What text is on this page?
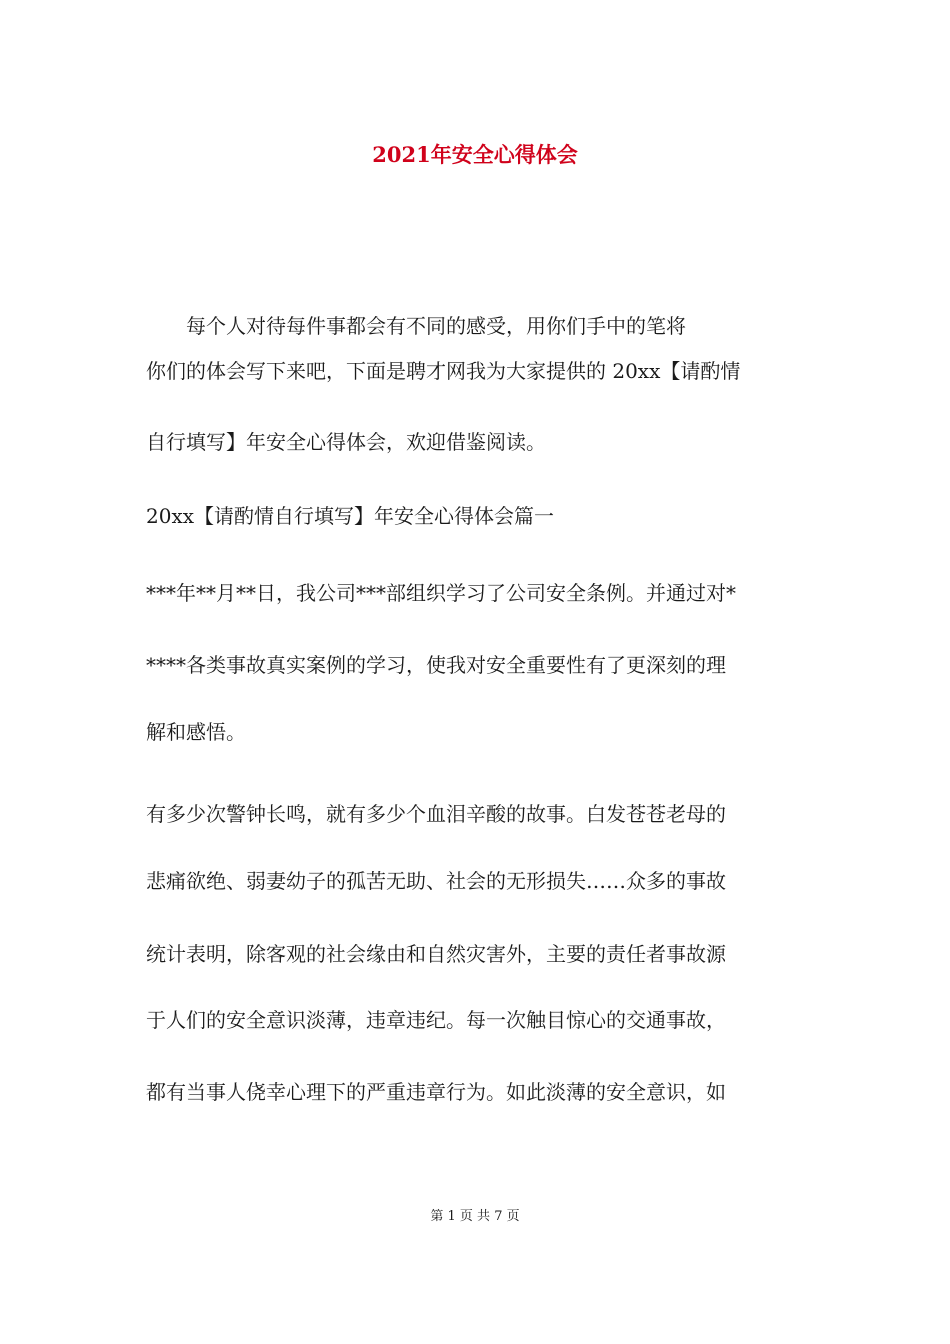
2021年安全心得体会
　　每个人对待每件事都会有不同的感受，用你们手中的笔将
你们的体会写下来吧，下面是聘才网我为大家提供的 20xx【请酌情
自行填写】年安全心得体会，欢迎借鉴阅读。
20xx【请酌情自行填写】年安全心得体会篇一
***年**月**日，我公司***部组织学习了公司安全条例。并通过对*
****各类事故真实案例的学习，使我对安全重要性有了更深刻的理
解和感悟。
有多少次警钟长鸣，就有多少个血泪辛酸的故事。白发苍苍老母的
悲痛欲绝、弱妻幼子的孤苦无助、社会的无形损失……众多的事故
统计表明，除客观的社会缘由和自然灾害外，主要的责任者事故源
于人们的安全意识淡薄，违章违纪。每一次触目惊心的交通事故，
都有当事人侥幸心理下的严重违章行为。如此淡薄的安全意识，如
第 1 页 共 7 页
